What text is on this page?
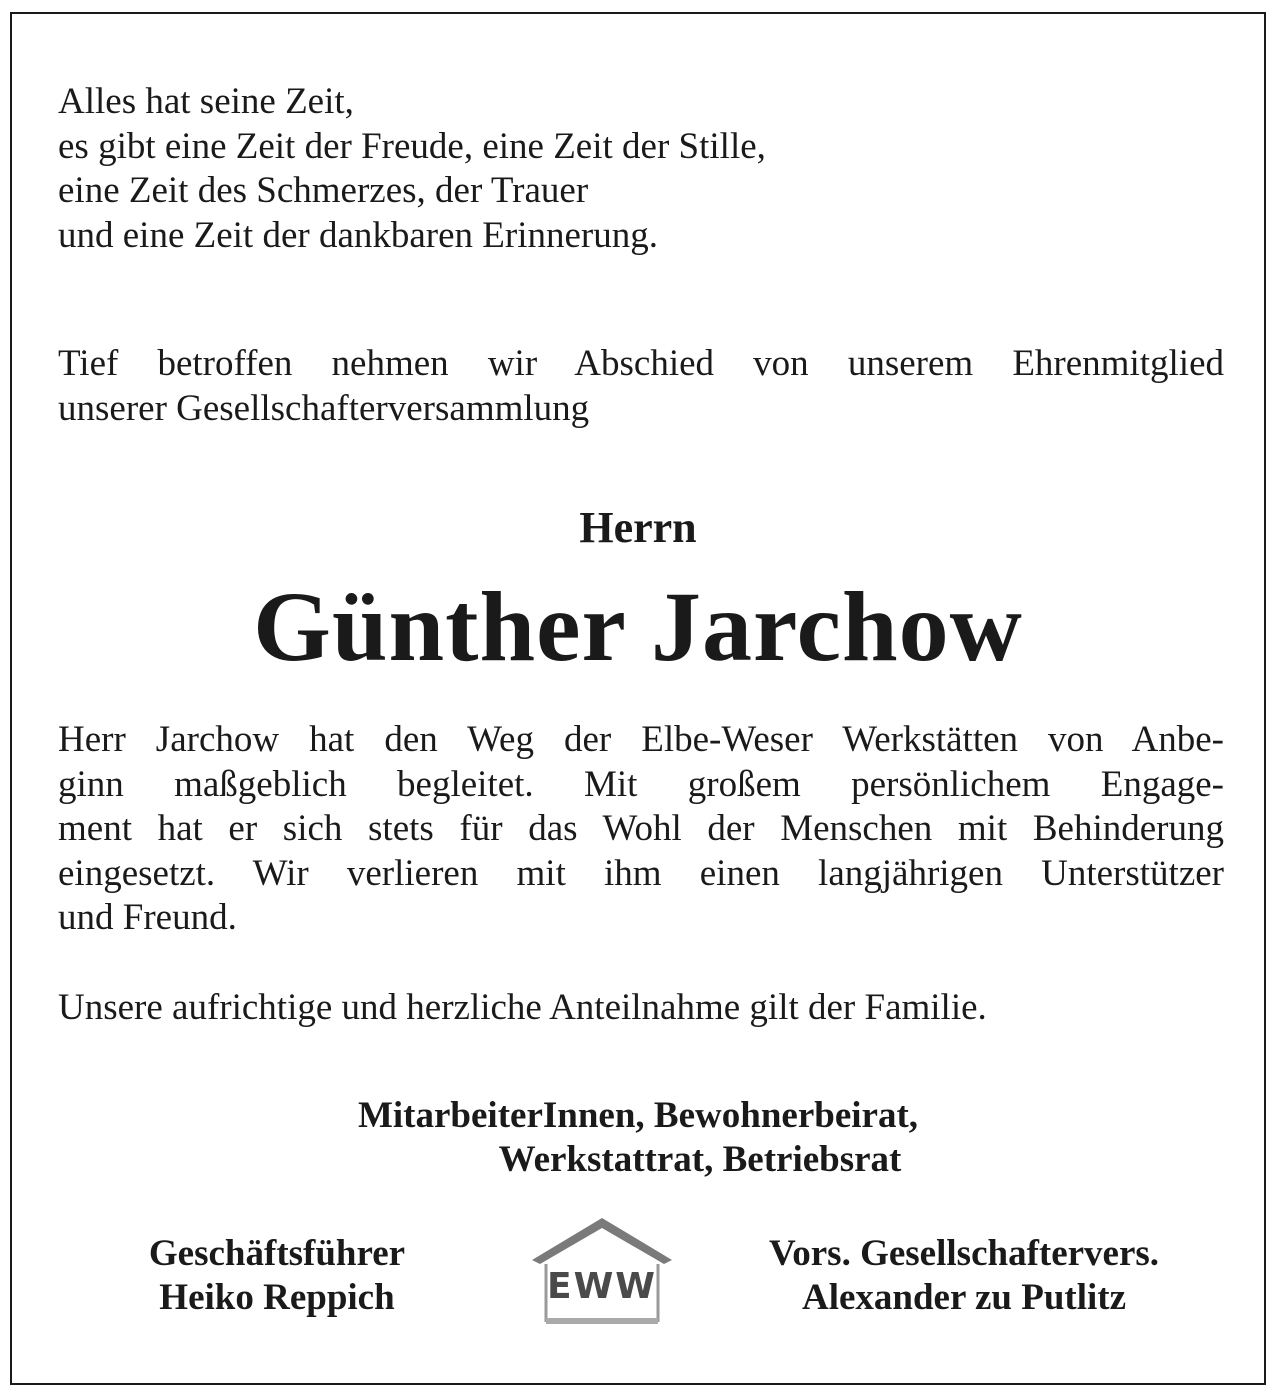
Alles hat seine Zeit,
es gibt eine Zeit der Freude, eine Zeit der Stille,
eine Zeit des Schmerzes, der Trauer
und eine Zeit der dankbaren Erinnerung.
Tief betroffen nehmen wir Abschied von unserem Ehrenmitglied
unserer Gesellschafterversammlung
Herrn
Günther Jarchow
Herr Jarchow hat den Weg der Elbe-Weser Werkstätten von Anbe-
ginn maßgeblich begleitet. Mit großem persönlichem Engage-
ment hat er sich stets für das Wohl der Menschen mit Behinderung
eingesetzt. Wir verlieren mit ihm einen langjährigen Unterstützer
und Freund.
Unsere aufrichtige und herzliche Anteilnahme gilt der Familie.
MitarbeiterInnen, Bewohnerbeirat,
Werkstattrat, Betriebsrat
Geschäftsführer
Heiko Reppich	EWW
Vors. Gesellschaftervers.
Alexander zu Putlitz
